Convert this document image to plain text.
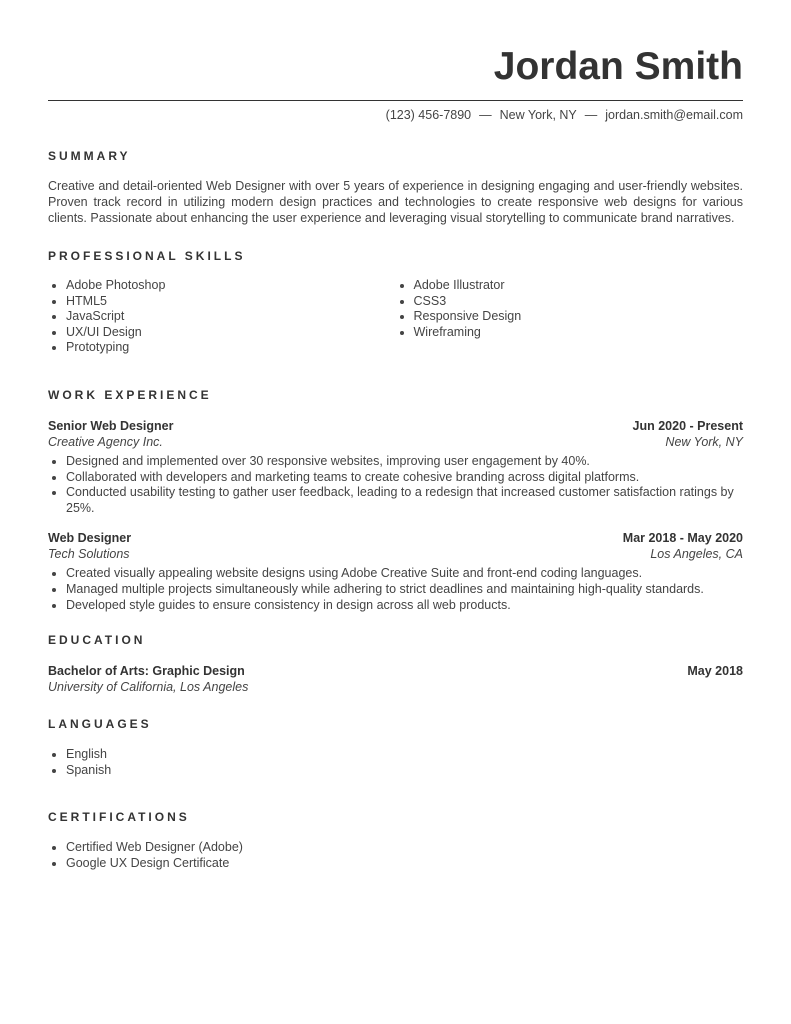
Jordan Smith
(123) 456-7890 — New York, NY — jordan.smith@email.com
SUMMARY

Creative and detail-oriented Web Designer with over 5 years of experience in designing engaging and user-friendly websites. Proven track record in utilizing modern design practices and technologies to create responsive web designs for various clients. Passionate about enhancing the user experience and leveraging visual storytelling to communicate brand narratives.

PROFESSIONAL SKILLS
• Adobe Photoshop
• HTML5
• JavaScript
• UX/UI Design
• Prototyping
• Adobe Illustrator
• CSS3
• Responsive Design
• Wireframing
WORK EXPERIENCE
Senior Web Designer	Jun 2020 - Present
Creative Agency Inc.	New York, NY
• Designed and implemented over 30 responsive websites, improving user engagement by 40%.
• Collaborated with developers and marketing teams to create cohesive branding across digital platforms.
• Conducted usability testing to gather user feedback, leading to a redesign that increased customer satisfaction ratings by 25%.
Web Designer	Mar 2018 - May 2020
Tech Solutions	Los Angeles, CA
• Created visually appealing website designs using Adobe Creative Suite and front-end coding languages.
• Managed multiple projects simultaneously while adhering to strict deadlines and maintaining high-quality standards.
• Developed style guides to ensure consistency in design across all web products.
EDUCATION
Bachelor of Arts: Graphic Design	May 2018
University of California, Los Angeles
LANGUAGES
• English
• Spanish
CERTIFICATIONS
• Certified Web Designer (Adobe)
• Google UX Design Certificate
